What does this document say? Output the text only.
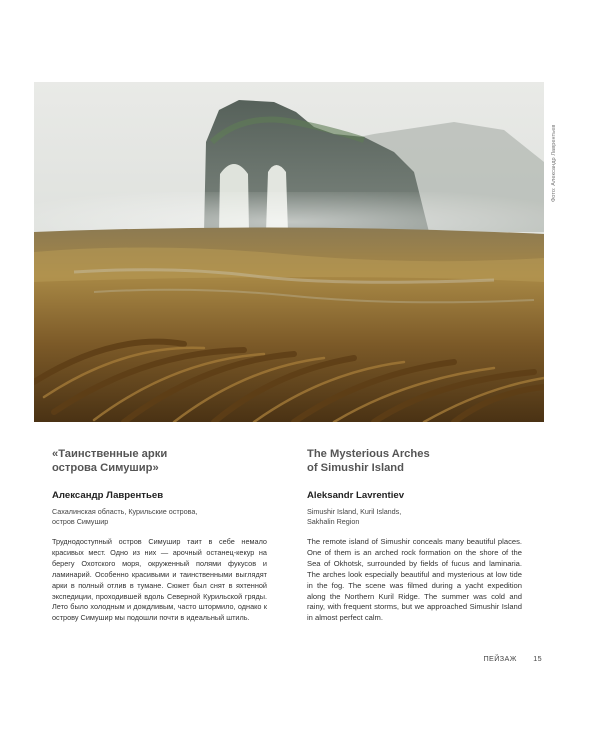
Фото: Александр Лаврентьев
«Таинственные арки
острова Симушир»
Александр Лаврентьев
Сахалинская область, Курильские острова,
остров Симушир

Труднодоступный остров Симушир таит в себе немало красивых мест. Одно из них — арочный останец-кекур на берегу Охотского моря, окруженный полями фукусов и ламинарий. Особенно красивыми и таинственными выглядят арки в полный отлив в тумане. Сюжет был снят в яхтенной экспедиции, проходившей вдоль Северной Курильской гряды. Лето было холодным и дождливым, часто штормило, однако к острову Симушир мы подошли почти в идеальный штиль.

The Mysterious Arches
of Simushir Island
Aleksandr Lavrentiev
Simushir Island, Kuril Islands,
Sakhalin Region

The remote island of Simushir conceals many beautiful places. One of them is an arched rock formation on the shore of the Sea of Okhotsk, surrounded by fields of fucus and laminaria. The arches look especially beautiful and mysterious at low tide in the fog. The scene was filmed during a yacht expedition along the Northern Kuril Ridge. The summer was cold and rainy, with frequent storms, but we approached Simushir Island in almost perfect calm.

ПЕЙЗАЖ 15
